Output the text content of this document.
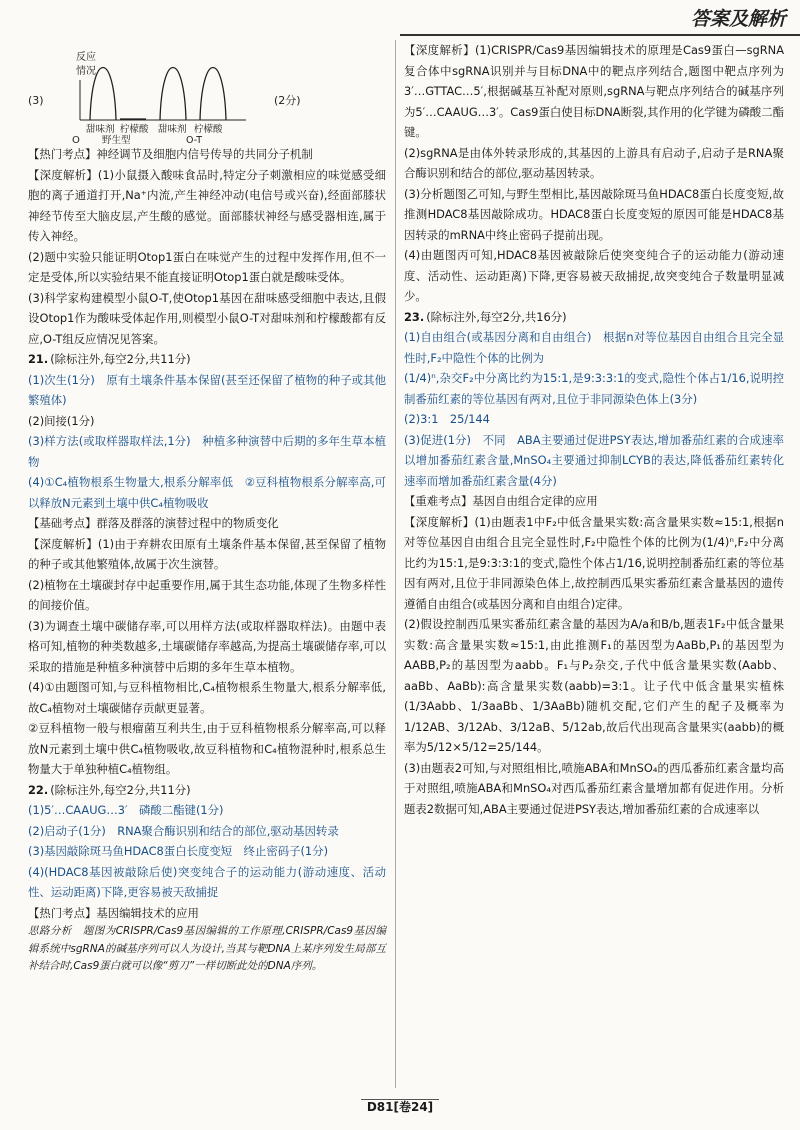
答案及解析
反应
情况
(3)
甜味剂 柠檬酸 甜味剂 柠檬酸
O 野生型	O-T
(2分)

【热门考点】神经调节及细胞内信号传导的共同分子机制

【深度解析】(1)小鼠摄入酸味食品时,特定分子刺激相应的味觉感受细胞的离子通道打开,Na⁺内流,产生神经冲动(电信号或兴奋),经面部膝状神经节传至大脑皮层,产生酸的感觉。面部膝状神经与感受器相连,属于传入神经。

(2)题中实验只能证明Otop1蛋白在味觉产生的过程中发挥作用,但不一定是受体,所以实验结果不能直接证明Otop1蛋白就是酸味受体。

(3)科学家构建模型小鼠O-T,使Otop1基因在甜味感受细胞中表达,且假设Otop1作为酸味受体起作用,则模型小鼠O-T对甜味剂和柠檬酸都有反应,O-T组反应情况见答案。

21. (除标注外,每空2分,共11分)

(1)次生(1分)　原有土壤条件基本保留(甚至还保留了植物的种子或其他繁殖体)

(2)间接(1分)

(3)样方法(或取样器取样法,1分)　种植多种演替中后期的多年生草本植物

(4)①C₄植物根系生物量大,根系分解率低　②豆科植物根系分解率高,可以释放N元素到土壤中供C₄植物吸收

【基础考点】群落及群落的演替过程中的物质变化

【深度解析】(1)由于弃耕农田原有土壤条件基本保留,甚至保留了植物的种子或其他繁殖体,故属于次生演替。

(2)植物在土壤碳封存中起重要作用,属于其生态功能,体现了生物多样性的间接价值。

(3)为调查土壤中碳储存率,可以用样方法(或取样器取样法)。由题中表格可知,植物的种类数越多,土壤碳储存率越高,为提高土壤碳储存率,可以采取的措施是种植多种演替中后期的多年生草本植物。

(4)①由题图可知,与豆科植物相比,C₄植物根系生物量大,根系分解率低,故C₄植物对土壤碳储存贡献更显著。

②豆科植物一般与根瘤菌互利共生,由于豆科植物根系分解率高,可以释放N元素到土壤中供C₄植物吸收,故豆科植物和C₄植物混种时,根系总生物量大于单独种植C₄植物组。

22. (除标注外,每空2分,共11分)

(1)5′…CAAUG…3′　磷酸二酯键(1分)

(2)启动子(1分)　RNA聚合酶识别和结合的部位,驱动基因转录

(3)基因敲除斑马鱼HDAC8蛋白长度变短　终止密码子(1分)

(4)(HDAC8基因被敲除后使)突变纯合子的运动能力(游动速度、活动性、运动距离)下降,更容易被天敌捕捉

【热门考点】基因编辑技术的应用

思路分析　题图为CRISPR/Cas9基因编辑的工作原理,CRISPR/Cas9基因编辑系统中sgRNA的碱基序列可以人为设计,当其与靶DNA上某序列发生局部互补结合时,Cas9蛋白就可以像“剪刀”一样切断此处的DNA序列。

【深度解析】(1)CRISPR/Cas9基因编辑技术的原理是Cas9蛋白—sgRNA复合体中sgRNA识别并与目标DNA中的靶点序列结合,题图中靶点序列为3′…GTTAC…5′,根据碱基互补配对原则,sgRNA与靶点序列结合的碱基序列为5′…CAAUG…3′。Cas9蛋白使目标DNA断裂,其作用的化学键为磷酸二酯键。

(2)sgRNA是由体外转录形成的,其基因的上游具有启动子,启动子是RNA聚合酶识别和结合的部位,驱动基因转录。

(3)分析题图乙可知,与野生型相比,基因敲除斑马鱼HDAC8蛋白长度变短,故推测HDAC8基因敲除成功。HDAC8蛋白长度变短的原因可能是HDAC8基因转录的mRNA中终止密码子提前出现。

(4)由题图丙可知,HDAC8基因被敲除后使突变纯合子的运动能力(游动速度、活动性、运动距离)下降,更容易被天敌捕捉,故突变纯合子数量明显减少。

23. (除标注外,每空2分,共16分)

(1)自由组合(或基因分离和自由组合)　根据n对等位基因自由组合且完全显性时,F₂中隐性个体的比例为

(1/4)ⁿ,杂交F₂中分离比约为15:1,是9:3:3:1的变式,隐性个体占1/16,说明控制番茄红素的等位基因有两对,且位于非同源染色体上(3分)

(2)3:1　25/144

(3)促进(1分)　不同　ABA主要通过促进PSY表达,增加番茄红素的合成速率以增加番茄红素含量,MnSO₄主要通过抑制LCYB的表达,降低番茄红素转化速率而增加番茄红素含量(4分)

【重难考点】基因自由组合定律的应用

【深度解析】(1)由题表1中F₂中低含量果实数:高含量果实数≈15:1,根据n对等位基因自由组合且完全显性时,F₂中隐性个体的比例为(1/4)ⁿ,F₂中分离比约为15:1,是9:3:3:1的变式,隐性个体占1/16,说明控制番茄红素的等位基因有两对,且位于非同源染色体上,故控制西瓜果实番茄红素含量基因的遗传遵循自由组合(或基因分离和自由组合)定律。

(2)假设控制西瓜果实番茄红素含量的基因为A/a和B/b,题表1F₂中低含量果实数:高含量果实数≈15:1,由此推测F₁的基因型为AaBb,P₁的基因型为AABB,P₂的基因型为aabb。F₁与P₂杂交,子代中低含量果实数(Aabb、aaBb、AaBb):高含量果实数(aabb)=3:1。让子代中低含量果实植株(1/3Aabb、1/3aaBb、1/3AaBb)随机交配,它们产生的配子及概率为1/12AB、3/12Ab、3/12aB、5/12ab,故后代出现高含量果实(aabb)的概率为5/12×5/12=25/144。

(3)由题表2可知,与对照组相比,喷施ABA和MnSO₄的西瓜番茄红素含量均高于对照组,喷施ABA和MnSO₄对西瓜番茄红素含量增加都有促进作用。分析题表2数据可知,ABA主要通过促进PSY表达,增加番茄红素的合成速率以

D81[卷24]
